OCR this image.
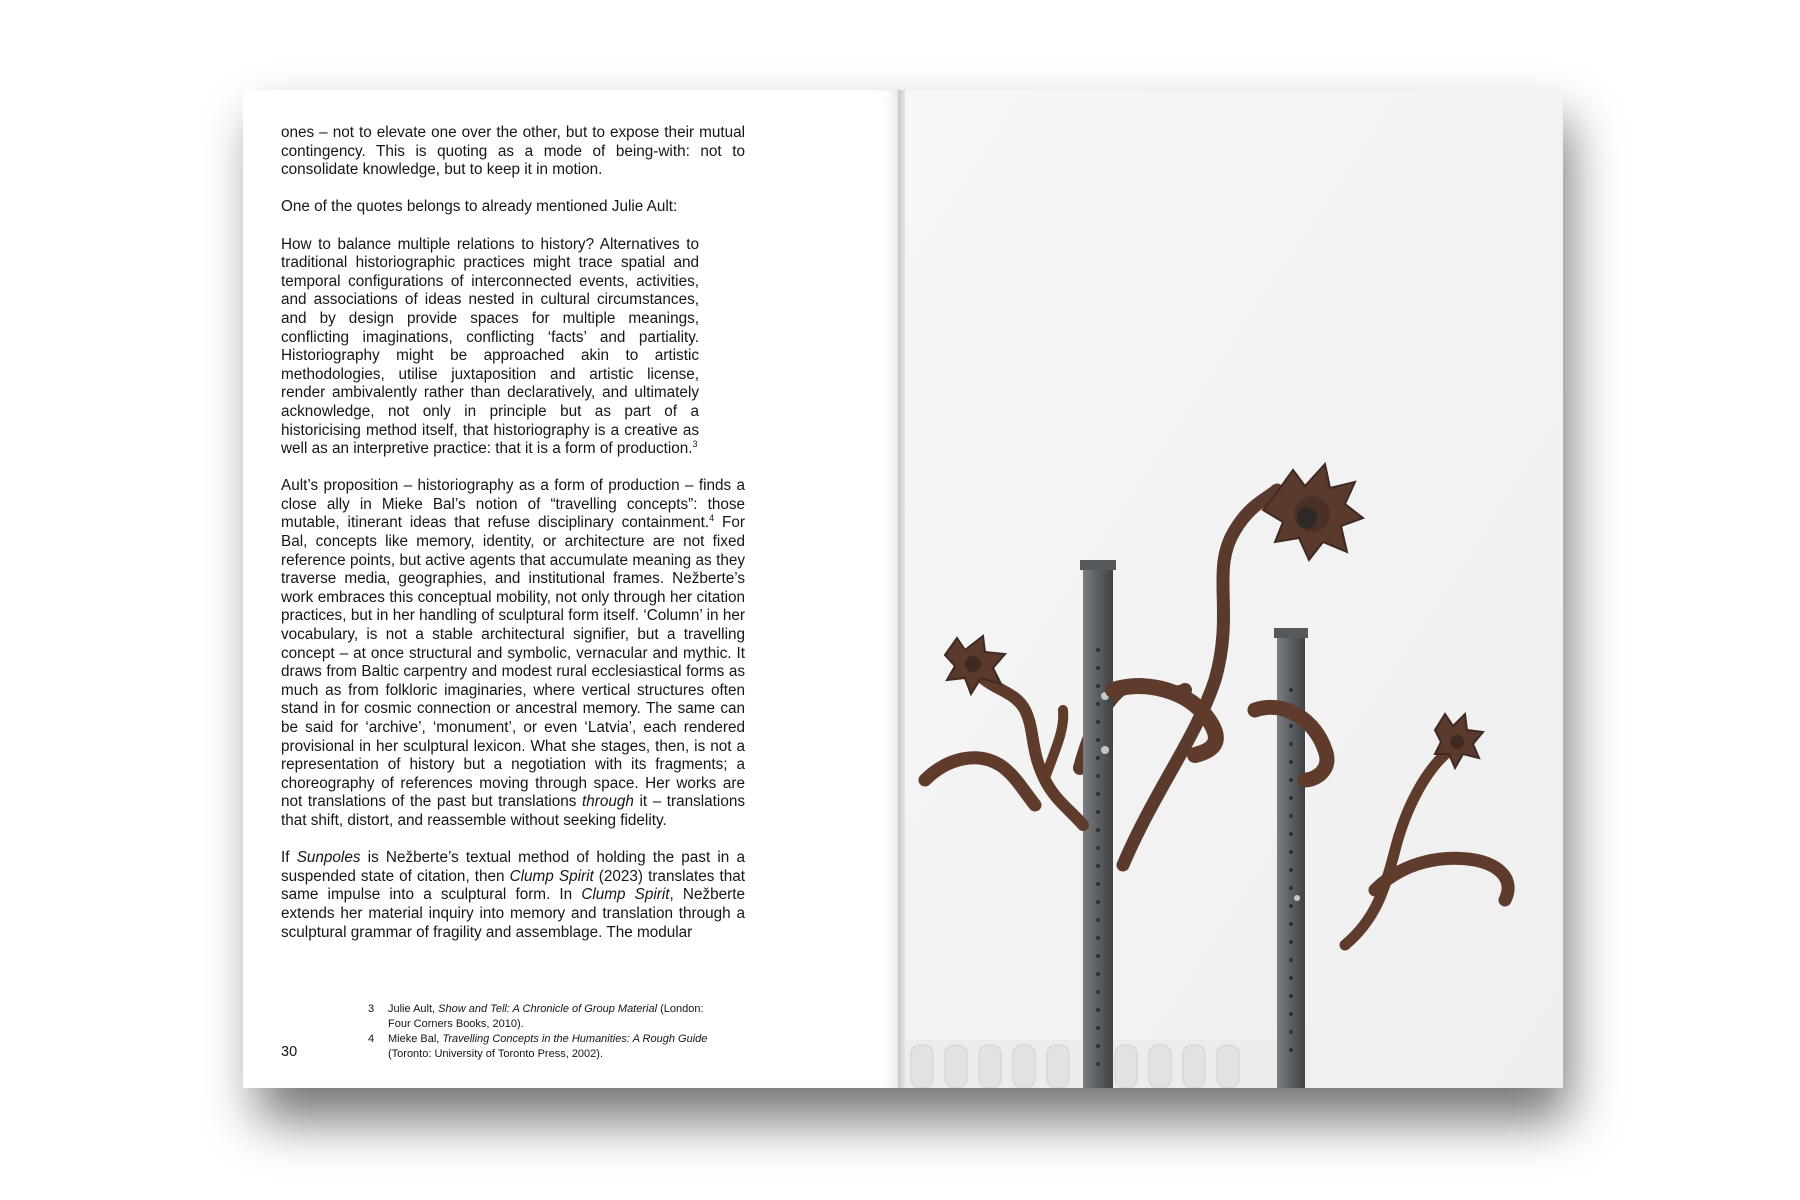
ones – not to elevate one over the other, but to expose their mutual contingency. This is quoting as a mode of being-with: not to consolidate knowledge, but to keep it in motion.

One of the quotes belongs to already mentioned Julie Ault:

How to balance multiple relations to history? Alternatives to traditional historiographic practices might trace spatial and temporal configurations of interconnected events, activities, and associations of ideas nested in cultural circumstances, and by design provide spaces for multiple meanings, conflicting imaginations, conflicting ‘facts’ and partiality. Historiography might be approached akin to artistic methodologies, utilise juxtaposition and artistic license, render ambivalently rather than declaratively, and ultimately acknowledge, not only in principle but as part of a historicising method itself, that historiography is a creative as well as an interpretive practice: that it is a form of production.$^3$

Ault’s proposition – historiography as a form of production – finds a close ally in Mieke Bal’s notion of “travelling concepts”: those mutable, itinerant ideas that refuse disciplinary containment.$^4$ For Bal, concepts like memory, identity, or architecture are not fixed reference points, but active agents that accumulate meaning as they traverse media, geographies, and institutional frames. Nežberte’s work embraces this conceptual mobility, not only through her citation practices, but in her handling of sculptural form itself. ‘Column’ in her vocabulary, is not a stable architectural signifier, but a travelling concept – at once structural and symbolic, vernacular and mythic. It draws from Baltic carpentry and modest rural ecclesiastical forms as much as from folkloric imaginaries, where vertical structures often stand in for cosmic connection or ancestral memory. The same can be said for ‘archive’, ‘monument’, or even ‘Latvia’, each rendered provisional in her sculptural lexicon. What she stages, then, is not a representation of history but a negotiation with its fragments; a choreography of references moving through space. Her works are not translations of the past but translations through it – translations that shift, distort, and reassemble without seeking fidelity.

If Sunpoles is Nežberte’s textual method of holding the past in a suspended state of citation, then Clump Spirit (2023) translates that same impulse into a sculptural form. In Clump Spirit, Nežberte extends her material inquiry into memory and translation through a sculptural grammar of fragility and assemblage. The modular

3	Julie Ault, Show and Tell: A Chronicle of Group Material (London: Four Corners Books, 2010).
4	Mieke Bal, Travelling Concepts in the Humanities: A Rough Guide (Toronto: University of Toronto Press, 2002).
30
